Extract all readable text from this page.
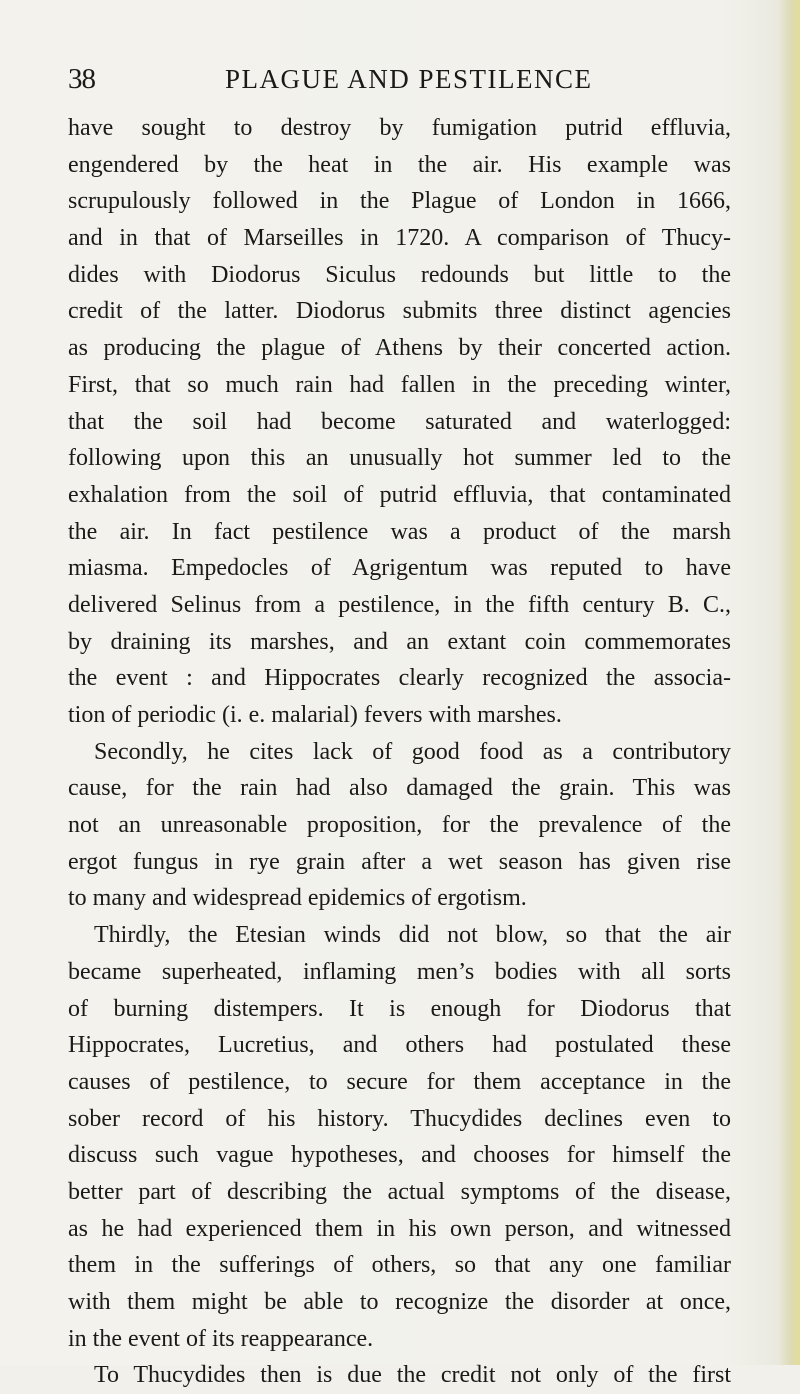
38	PLAGUE AND PESTILENCE
have sought to destroy by fumigation putrid effluvia,
engendered by the heat in the air. His example was
scrupulously followed in the Plague of London in 1666,
and in that of Marseilles in 1720. A comparison of Thucy-
dides with Diodorus Siculus redounds but little to the
credit of the latter. Diodorus submits three distinct agencies
as producing the plague of Athens by their concerted action.
First, that so much rain had fallen in the preceding winter,
that the soil had become saturated and waterlogged:
following upon this an unusually hot summer led to the
exhalation from the soil of putrid effluvia, that contaminated
the air. In fact pestilence was a product of the marsh
miasma. Empedocles of Agrigentum was reputed to have
delivered Selinus from a pestilence, in the fifth century B. C.,
by draining its marshes, and an extant coin commemorates
the event : and Hippocrates clearly recognized the associa-
tion of periodic (i. e. malarial) fevers with marshes.
Secondly, he cites lack of good food as a contributory
cause, for the rain had also damaged the grain. This was
not an unreasonable proposition, for the prevalence of the
ergot fungus in rye grain after a wet season has given rise
to many and widespread epidemics of ergotism.
Thirdly, the Etesian winds did not blow, so that the air
became superheated, inflaming men’s bodies with all sorts
of burning distempers. It is enough for Diodorus that
Hippocrates, Lucretius, and others had postulated these
causes of pestilence, to secure for them acceptance in the
sober record of his history. Thucydides declines even to
discuss such vague hypotheses, and chooses for himself the
better part of describing the actual symptoms of the disease,
as he had experienced them in his own person, and witnessed
them in the sufferings of others, so that any one familiar
with them might be able to recognize the disorder at once,
in the event of its reappearance.
To Thucydides then is due the credit not only of the first
